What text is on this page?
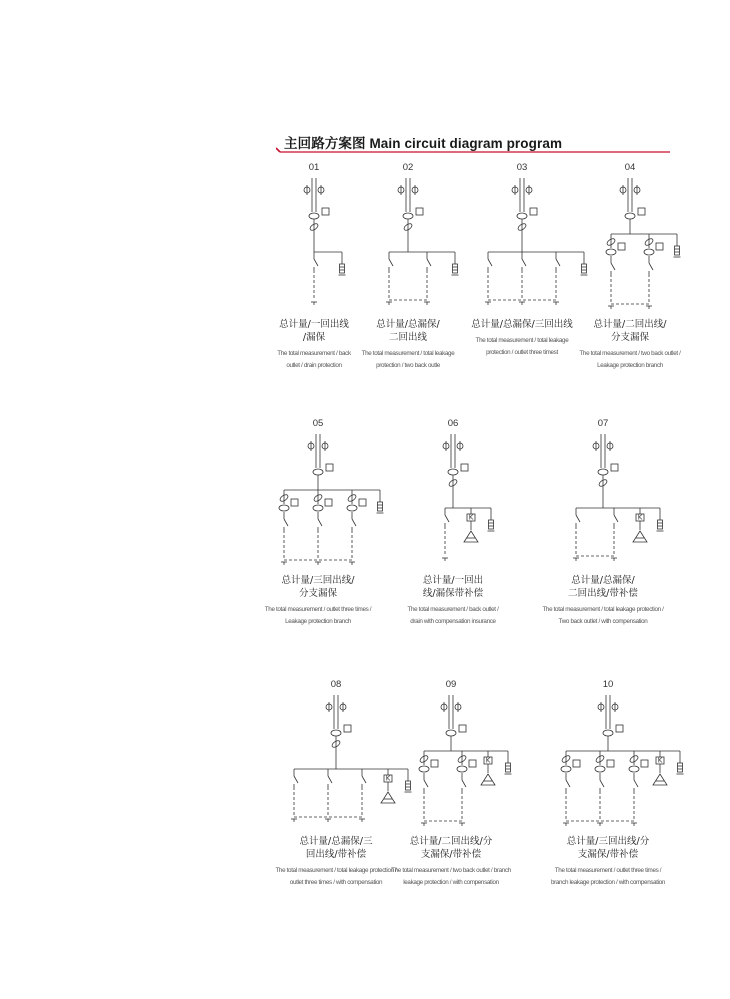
主回路方案图 Main circuit diagram program
01
总计量/一回出线
/漏保
The total measurement / back
outlet / drain protection
02
总计量/总漏保/
二回出线
The total measurement / total leakage
protection / two back outle
03
总计量/总漏保/三回出线
The total measurement / total leakage
protection / outlet three timest
04
总计量/二回出线/
分支漏保
The total measurement / two back outlet /
Leakage protection branch
05
总计量/三回出线/
分支漏保
The total measurement / outlet three times /
Leakage protection branch
06
K
总计量/一回出
线/漏保带补偿
The total measurement / back outlet /
drain with compensation insurance
07
K
总计量/总漏保/
二回出线/带补偿
The total measurement / total leakage protection /
Two back outlet / with compensation
08
K
总计量/总漏保/三
回出线/带补偿
The total measurement / total leakage protection /
outlet three times / with compensation
09
K
总计量/二回出线/分
支漏保/带补偿
The total measurement / two back outlet / branch
leakage protection / with compensation
10
K
总计量/三回出线/分
支漏保/带补偿
The total measurement / outlet three times /
branch leakage protection / with compensation
